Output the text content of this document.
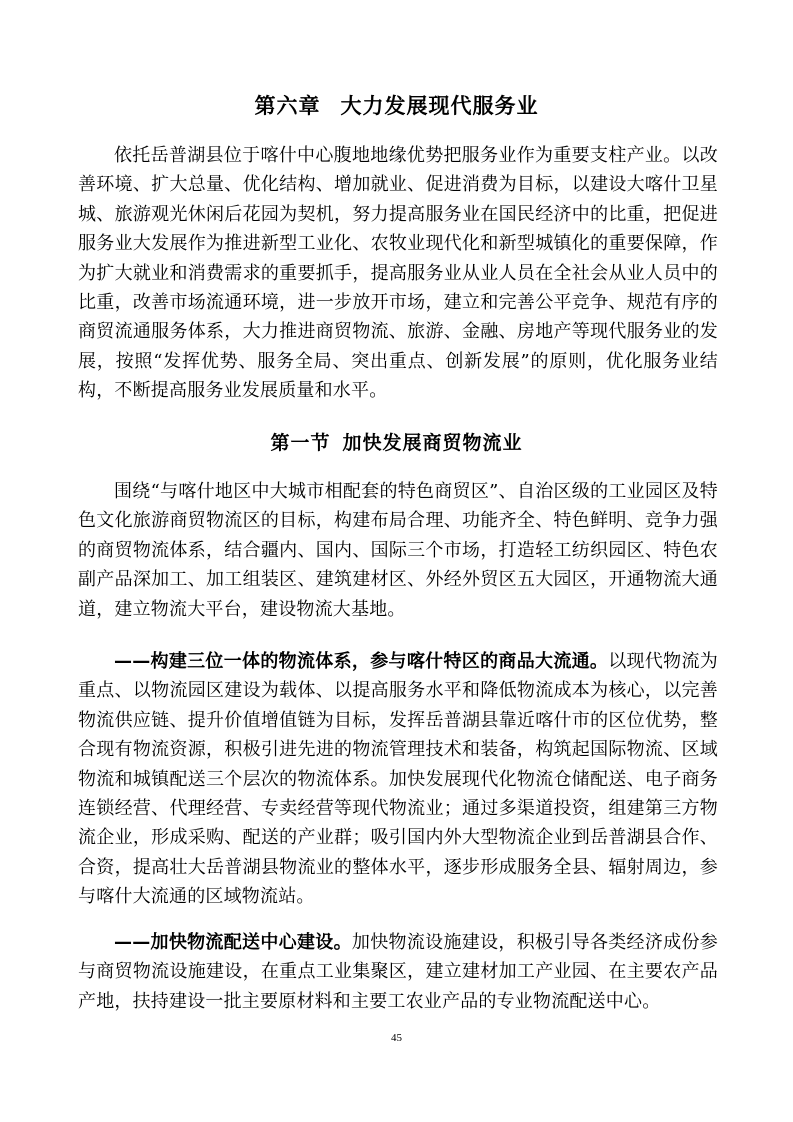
第六章 大力发展现代服务业

依托岳普湖县位于喀什中心腹地地缘优势把服务业作为重要支柱产业。以改善环境、扩大总量、优化结构、增加就业、促进消费为目标，以建设大喀什卫星城、旅游观光休闲后花园为契机，努力提高服务业在国民经济中的比重，把促进服务业大发展作为推进新型工业化、农牧业现代化和新型城镇化的重要保障，作为扩大就业和消费需求的重要抓手，提高服务业从业人员在全社会从业人员中的比重，改善市场流通环境，进一步放开市场，建立和完善公平竞争、规范有序的商贸流通服务体系，大力推进商贸物流、旅游、金融、房地产等现代服务业的发展，按照“发挥优势、服务全局、突出重点、创新发展”的原则，优化服务业结构，不断提高服务业发展质量和水平。

第一节 加快发展商贸物流业

围绕“与喀什地区中大城市相配套的特色商贸区”、自治区级的工业园区及特色文化旅游商贸物流区的目标，构建布局合理、功能齐全、特色鲜明、竞争力强的商贸物流体系，结合疆内、国内、国际三个市场，打造轻工纺织园区、特色农副产品深加工、加工组装区、建筑建材区、外经外贸区五大园区，开通物流大通道，建立物流大平台，建设物流大基地。

——构建三位一体的物流体系，参与喀什特区的商品大流通。以现代物流为重点、以物流园区建设为载体、以提高服务水平和降低物流成本为核心，以完善物流供应链、提升价值增值链为目标，发挥岳普湖县靠近喀什市的区位优势，整合现有物流资源，积极引进先进的物流管理技术和装备，构筑起国际物流、区域物流和城镇配送三个层次的物流体系。加快发展现代化物流仓储配送、电子商务连锁经营、代理经营、专卖经营等现代物流业；通过多渠道投资，组建第三方物流企业，形成采购、配送的产业群；吸引国内外大型物流企业到岳普湖县合作、合资，提高壮大岳普湖县物流业的整体水平，逐步形成服务全县、辐射周边，参与喀什大流通的区域物流站。

——加快物流配送中心建设。加快物流设施建设，积极引导各类经济成份参与商贸物流设施建设，在重点工业集聚区，建立建材加工产业园、在主要农产品产地，扶持建设一批主要原材料和主要工农业产品的专业物流配送中心。

45
